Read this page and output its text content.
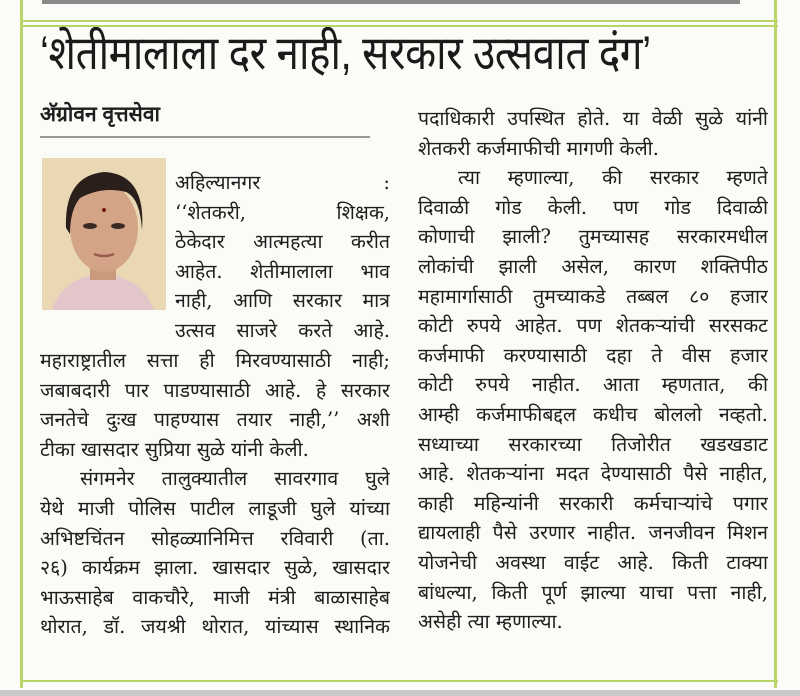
‘शेतीमालाला दर नाही, सरकार उत्सवात दंग’
अ‍ॅग्रोवन वृत्तसेवा
अहिल्यानगर :
‘‘शेतकरी, शिक्षक,
ठेकेदार आत्महत्या करीत
आहेत. शेतीमालाला भाव
नाही, आणि सरकार मात्र
उत्सव साजरे करते आहे.
महाराष्ट्रातील सत्ता ही मिरवण्यासाठी नाही;
जबाबदारी पार पाडण्यासाठी आहे. हे सरकार
जनतेचे दुःख पाहण्यास तयार नाही,’’ अशी
टीका खासदार सुप्रिया सुळे यांनी केली.
संगमनेर तालुक्यातील सावरगाव घुले
येथे माजी पोलिस पाटील लाडूजी घुले यांच्या
अभिष्टचिंतन सोहळ्यानिमित्त रविवारी (ता.
२६) कार्यक्रम झाला. खासदार सुळे, खासदार
भाऊसाहेब वाकचौरे, माजी मंत्री बाळासाहेब
थोरात, डॉ. जयश्री थोरात, यांच्यास स्थानिक
पदाधिकारी उपस्थित होते. या वेळी सुळे यांनी
शेतकरी कर्जमाफीची मागणी केली.
त्या म्हणाल्या, की सरकार म्हणते
दिवाळी गोड केली. पण गोड दिवाळी
कोणाची झाली? तुमच्यासह सरकारमधील
लोकांची झाली असेल, कारण शक्तिपीठ
महामार्गासाठी तुमच्याकडे तब्बल ८० हजार
कोटी रुपये आहेत. पण शेतकऱ्यांची सरसकट
कर्जमाफी करण्यासाठी दहा ते वीस हजार
कोटी रुपये नाहीत. आता म्हणतात, की
आम्ही कर्जमाफीबद्दल कधीच बोललो नव्हतो.
सध्याच्या सरकारच्या तिजोरीत खडखडाट
आहे. शेतकऱ्यांना मदत देण्यासाठी पैसे नाहीत,
काही महिन्यांनी सरकारी कर्मचाऱ्यांचे पगार
द्यायलाही पैसे उरणार नाहीत. जनजीवन मिशन
योजनेची अवस्था वाईट आहे. किती टाक्या
बांधल्या, किती पूर्ण झाल्या याचा पत्ता नाही,
असेही त्या म्हणाल्या.
